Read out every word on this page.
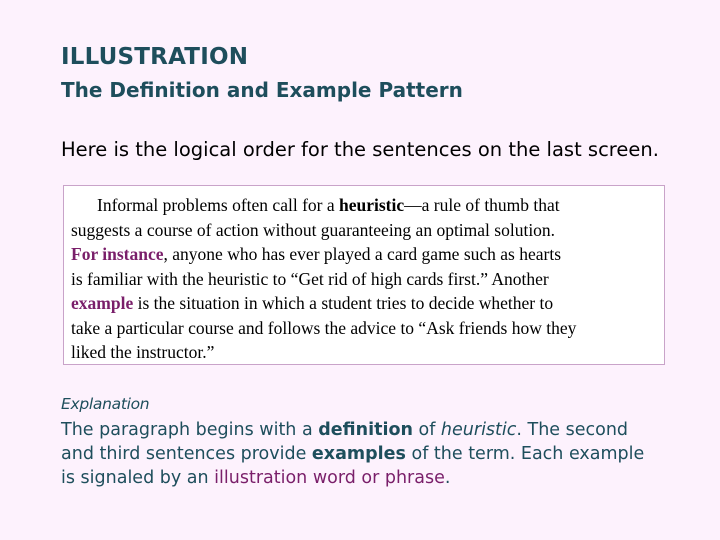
ILLUSTRATION
The Definition and Example Pattern
Here is the logical order for the sentences on the last screen.
Informal problems often call for a heuristic—a rule of thumb that
suggests a course of action without guaranteeing an optimal solution.
For instance, anyone who has ever played a card game such as hearts
is familiar with the heuristic to “Get rid of high cards first.” Another
example is the situation in which a student tries to decide whether to
take a particular course and follows the advice to “Ask friends how they
liked the instructor.”
Explanation
The paragraph begins with a definition of heuristic. The second
and third sentences provide examples of the term. Each example
is signaled by an illustration word or phrase.
